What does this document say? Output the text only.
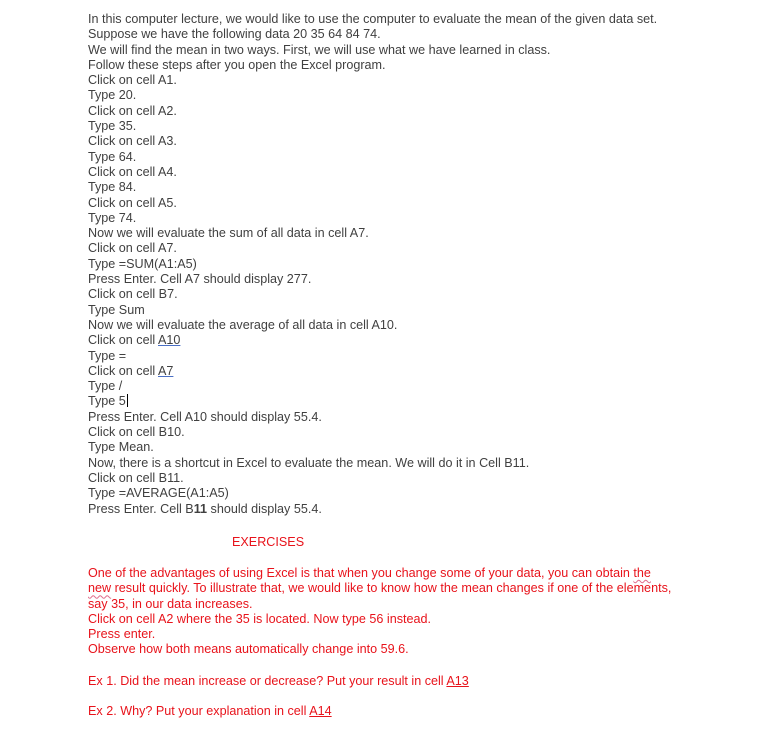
In this computer lecture, we would like to use the computer to evaluate the mean of the given data set.
Suppose we have the following data 20 35 64 84 74.
We will find the mean in two ways. First, we will use what we have learned in class.
Follow these steps after you open the Excel program.
Click on cell A1.
Type 20.
Click on cell A2.
Type 35.
Click on cell A3.
Type 64.
Click on cell A4.
Type 84.
Click on cell A5.
Type 74.
Now we will evaluate the sum of all data in cell A7.
Click on cell A7.
Type =SUM(A1:A5)
Press Enter. Cell A7 should display 277.
Click on cell B7.
Type Sum
Now we will evaluate the average of all data in cell A10.
Click on cell A10
Type =
Click on cell A7
Type /
Type 5
Press Enter. Cell A10 should display 55.4.
Click on cell B10.
Type Mean.
Now, there is a shortcut in Excel to evaluate the mean. We will do it in Cell B11.
Click on cell B11.
Type =AVERAGE(A1:A5)
Press Enter. Cell B11 should display 55.4.
EXERCISES
One of the advantages of using Excel is that when you change some of your data, you can obtain the
new result quickly. To illustrate that, we would like to know how the mean changes if one of the elements,
say 35, in our data increases.
Click on cell A2 where the 35 is located. Now type 56 instead.
Press enter.
Observe how both means automatically change into 59.6.
Ex 1. Did the mean increase or decrease? Put your result in cell A13
Ex 2. Why? Put your explanation in cell A14
